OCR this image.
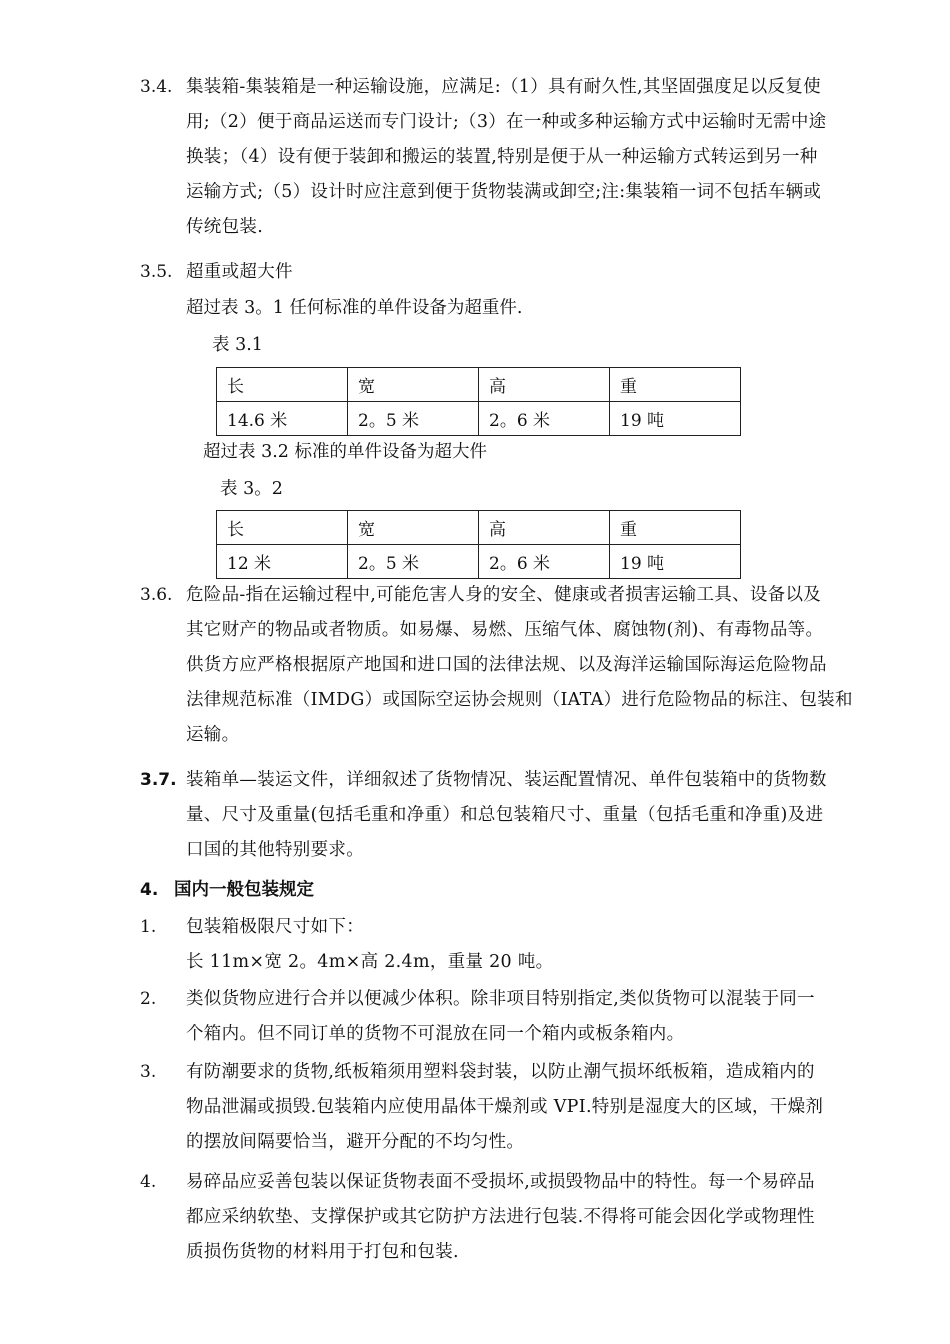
3.4. 集装箱-集装箱是一种运输设施，应满足:（1）具有耐久性,其坚固强度足以反复使
用;（2）便于商品运送而专门设计;（3）在一种或多种运输方式中运输时无需中途
换装；（4）设有便于装卸和搬运的装置,特别是便于从一种运输方式转运到另一种
运输方式;（5）设计时应注意到便于货物装满或卸空;注:集装箱一词不包括车辆或
传统包装.
3.5. 超重或超大件
超过表 3。1 任何标准的单件设备为超重件.
表 3.1
长	宽	高	重
14.6 米	2。5 米	2。6 米	19 吨
超过表 3.2 标准的单件设备为超大件
表 3。2
长	宽	高	重
12 米	2。5 米	2。6 米	19 吨
3.6. 危险品-指在运输过程中,可能危害人身的安全、健康或者损害运输工具、设备以及
其它财产的物品或者物质。如易爆、易燃、压缩气体、腐蚀物(剂)、有毒物品等。
供货方应严格根据原产地国和进口国的法律法规、以及海洋运输国际海运危险物品
法律规范标准（IMDG）或国际空运协会规则（IATA）进行危险物品的标注、包装和
运输。
3.7. 装箱单—装运文件，详细叙述了货物情况、装运配置情况、单件包装箱中的货物数
量、尺寸及重量(包括毛重和净重）和总包装箱尺寸、重量（包括毛重和净重)及进
口国的其他特别要求。
4. 国内一般包装规定
1. 包装箱极限尺寸如下：
长 11m×宽 2。4m×高 2.4m，重量 20 吨。
2. 类似货物应进行合并以便减少体积。除非项目特别指定,类似货物可以混装于同一
个箱内。但不同订单的货物不可混放在同一个箱内或板条箱内。
3. 有防潮要求的货物,纸板箱须用塑料袋封装，以防止潮气损坏纸板箱，造成箱内的
物品泄漏或损毁.包装箱内应使用晶体干燥剂或 VPI.特别是湿度大的区域，干燥剂
的摆放间隔要恰当，避开分配的不均匀性。
4. 易碎品应妥善包装以保证货物表面不受损坏,或损毁物品中的特性。每一个易碎品
都应采纳软垫、支撑保护或其它防护方法进行包装.不得将可能会因化学或物理性
质损伤货物的材料用于打包和包装.
